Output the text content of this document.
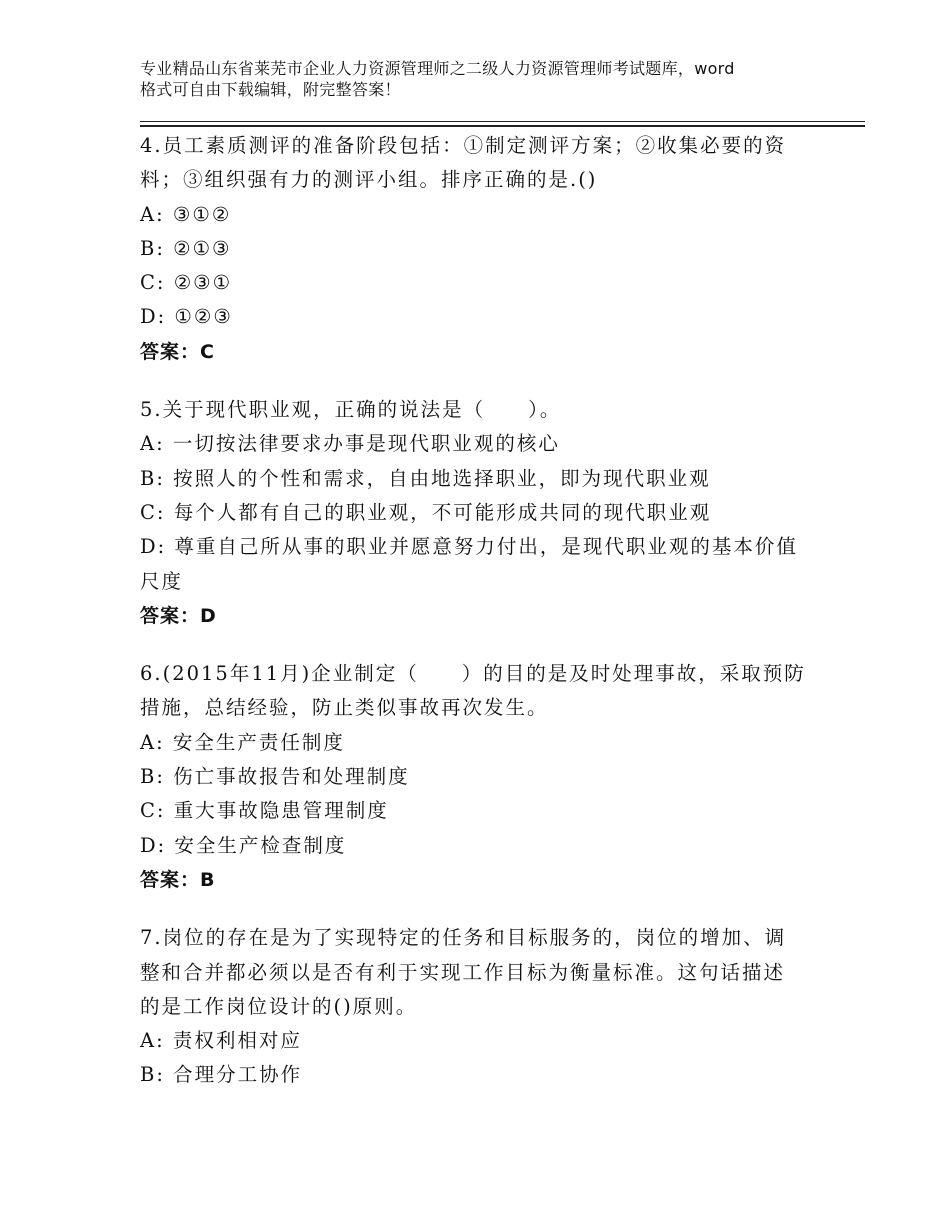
专业精品山东省莱芜市企业人力资源管理师之二级人力资源管理师考试题库，word
格式可自由下载编辑，附完整答案！
4.员工素质测评的准备阶段包括：①制定测评方案；②收集必要的资
料；③组织强有力的测评小组。排序正确的是.()
A: ③①②
B: ②①③
C: ②③①
D: ①②③
答案：C
5.关于现代职业观，正确的说法是（　　）。
A: 一切按法律要求办事是现代职业观的核心
B: 按照人的个性和需求，自由地选择职业，即为现代职业观
C: 每个人都有自己的职业观，不可能形成共同的现代职业观
D: 尊重自己所从事的职业并愿意努力付出，是现代职业观的基本价值
尺度
答案：D
6.(2015年11月)企业制定（　　）的目的是及时处理事故，采取预防
措施，总结经验，防止类似事故再次发生。
A: 安全生产责任制度
B: 伤亡事故报告和处理制度
C: 重大事故隐患管理制度
D: 安全生产检查制度
答案：B
7.岗位的存在是为了实现特定的任务和目标服务的，岗位的增加、调
整和合并都必须以是否有利于实现工作目标为衡量标准。这句话描述
的是工作岗位设计的()原则。
A: 责权利相对应
B: 合理分工协作
